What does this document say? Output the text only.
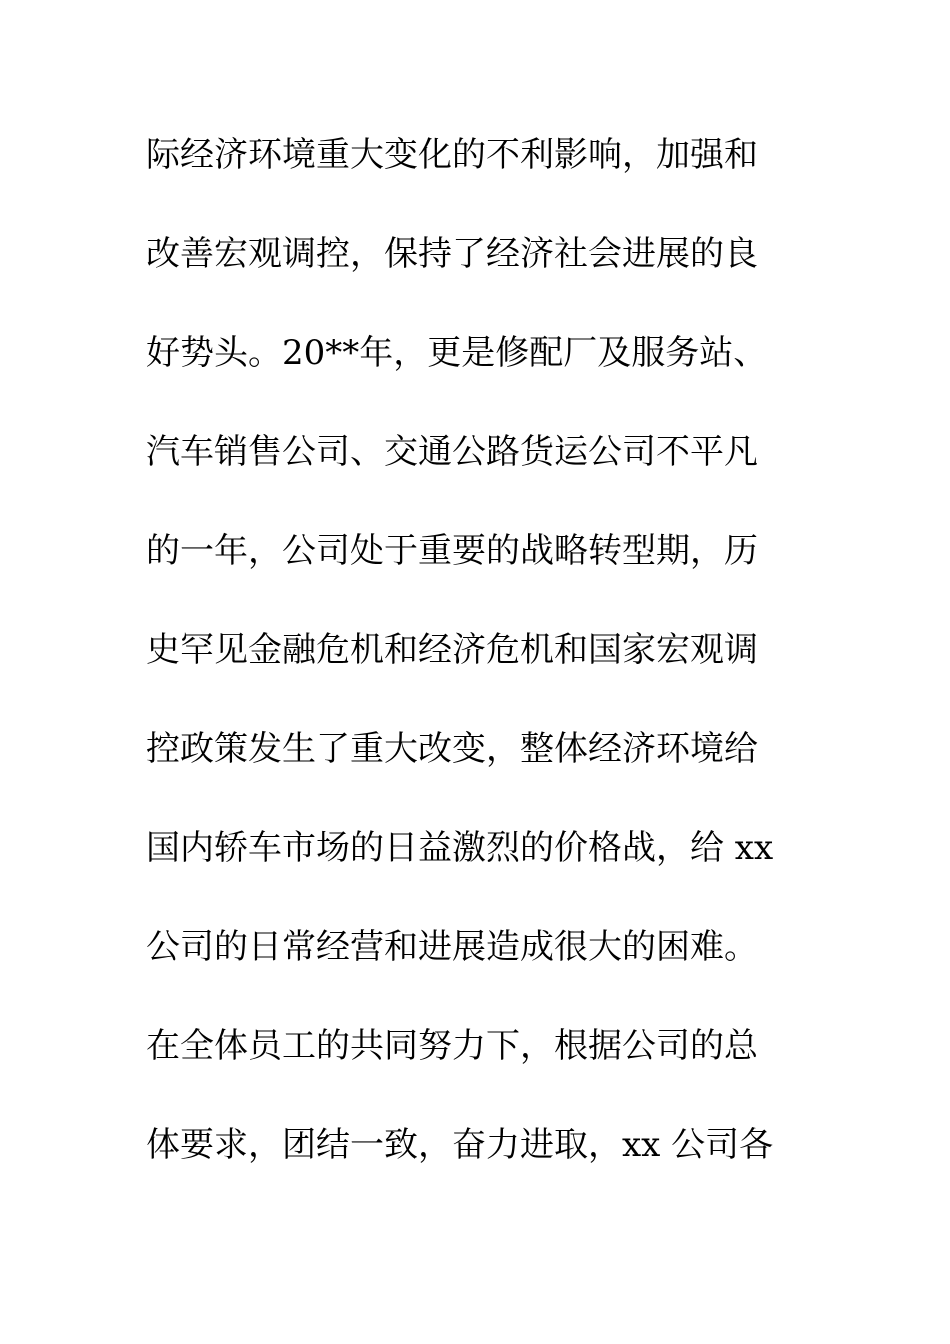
际经济环境重大变化的不利影响，加强和
改善宏观调控，保持了经济社会进展的良
好势头。20**年，更是修配厂及服务站、
汽车销售公司、交通公路货运公司不平凡
的一年，公司处于重要的战略转型期，历
史罕见金融危机和经济危机和国家宏观调
控政策发生了重大改变，整体经济环境给
国内轿车市场的日益激烈的价格战，给 xx
公司的日常经营和进展造成很大的困难。
在全体员工的共同努力下，根据公司的总
体要求，团结一致，奋力进取，xx 公司各
